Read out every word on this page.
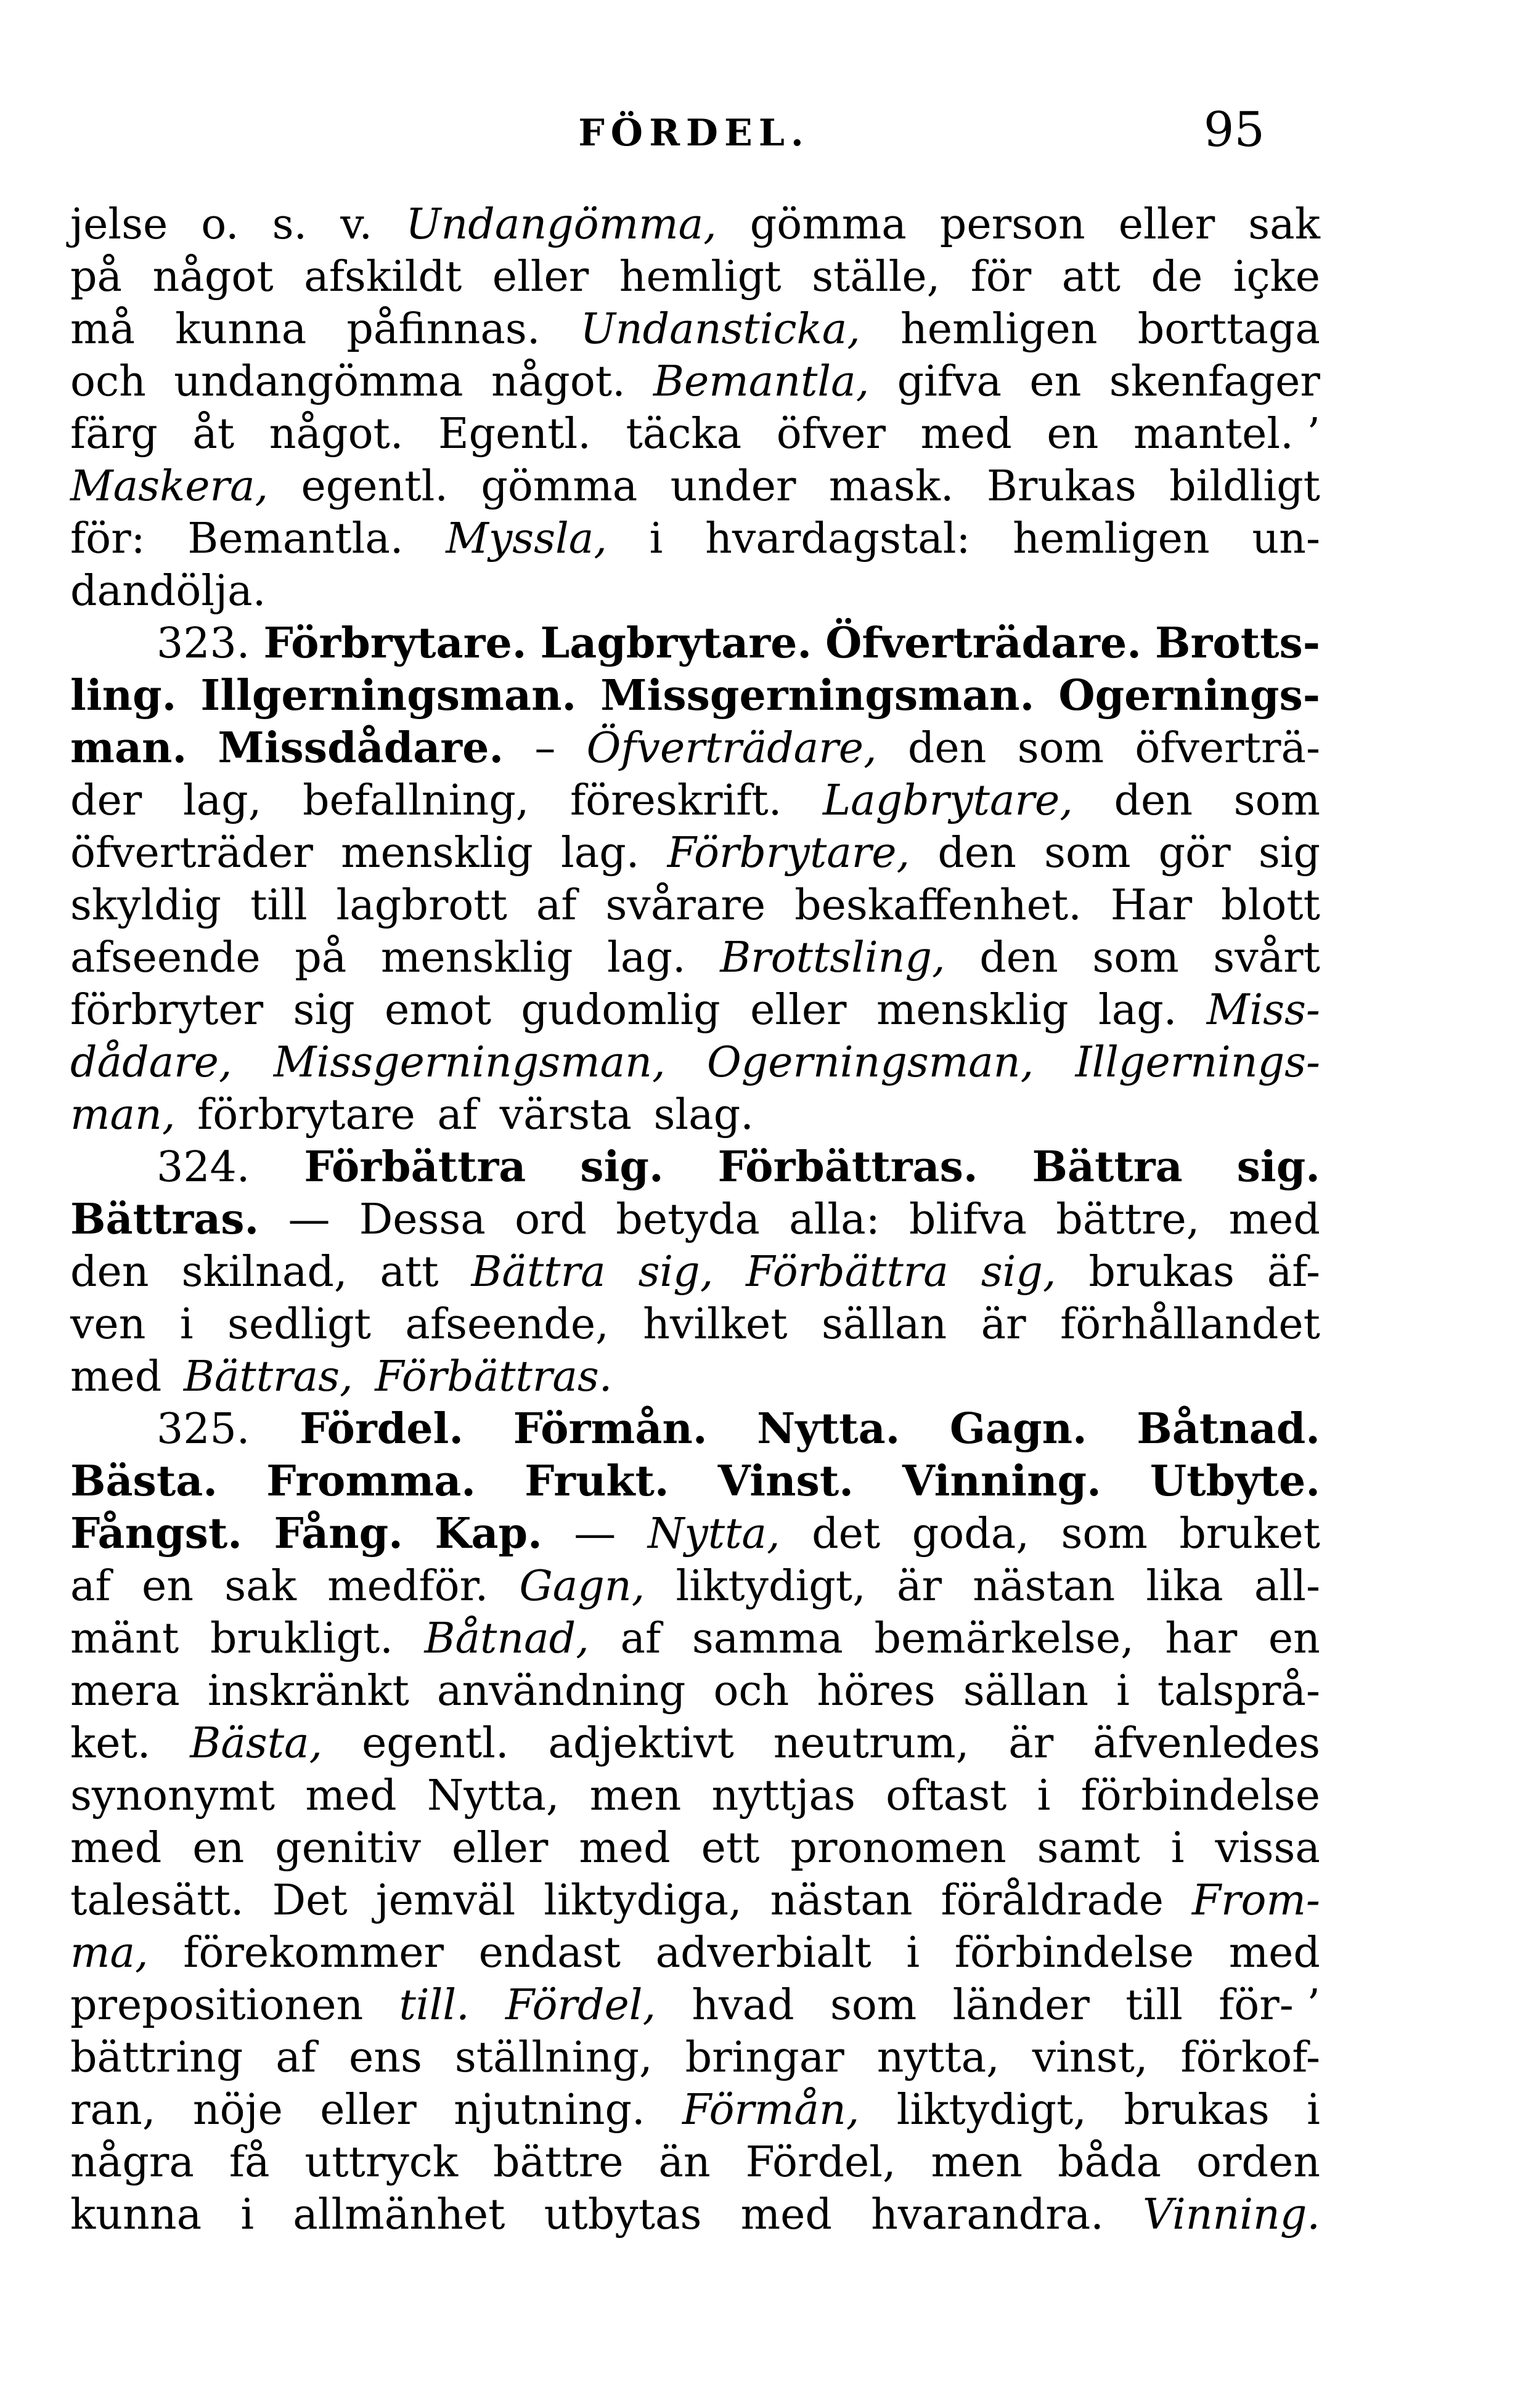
FÖRDEL.	95
jelse o. s. v. Undangömma, gömma person eller sak
på något afskildt eller hemligt ställe, för att de içke
må kunna påfinnas. Undansticka, hemligen borttaga
och undangömma något. Bemantla, gifva en skenfager
färg åt något. Egentl. täcka öfver med en mantel. ’
Maskera, egentl. gömma under mask. Brukas bildligt
för: Bemantla. Myssla, i hvardagstal: hemligen un-
dandölja.
323. Förbrytare. Lagbrytare. Öfverträdare. Brotts-
ling. Illgerningsman. Missgerningsman. Ogernings-
man. Missdådare. – Öfverträdare, den som öfverträ-
der lag, befallning, föreskrift. Lagbrytare, den som
öfverträder mensklig lag. Förbrytare, den som gör sig
skyldig till lagbrott af svårare beskaffenhet. Har blott
afseende på mensklig lag. Brottsling, den som svårt
förbryter sig emot gudomlig eller mensklig lag. Miss-
dådare, Missgerningsman, Ogerningsman, Illgernings-
man, förbrytare af värsta slag.
324. Förbättra sig. Förbättras. Bättra sig.
Bättras. — Dessa ord betyda alla: blifva bättre, med
den skilnad, att Bättra sig, Förbättra sig, brukas äf-
ven i sedligt afseende, hvilket sällan är förhållandet
med Bättras, Förbättras.
325. Fördel. Förmån. Nytta. Gagn. Båtnad.
Bästa. Fromma. Frukt. Vinst. Vinning. Utbyte.
Fångst. Fång. Kap. — Nytta, det goda, som bruket
af en sak medför. Gagn, liktydigt, är nästan lika all-
mänt brukligt. Båtnad, af samma bemärkelse, har en
mera inskränkt användning och höres sällan i talsprå-
ket. Bästa, egentl. adjektivt neutrum, är äfvenledes
synonymt med Nytta, men nyttjas oftast i förbindelse
med en genitiv eller med ett pronomen samt i vissa
talesätt. Det jemväl liktydiga, nästan föråldrade From-
ma, förekommer endast adverbialt i förbindelse med
prepositionen till. Fördel, hvad som länder till för- ’
bättring af ens ställning, bringar nytta, vinst, förkof-
ran, nöje eller njutning. Förmån, liktydigt, brukas i
några få uttryck bättre än Fördel, men båda orden
kunna i allmänhet utbytas med hvarandra. Vinning.
